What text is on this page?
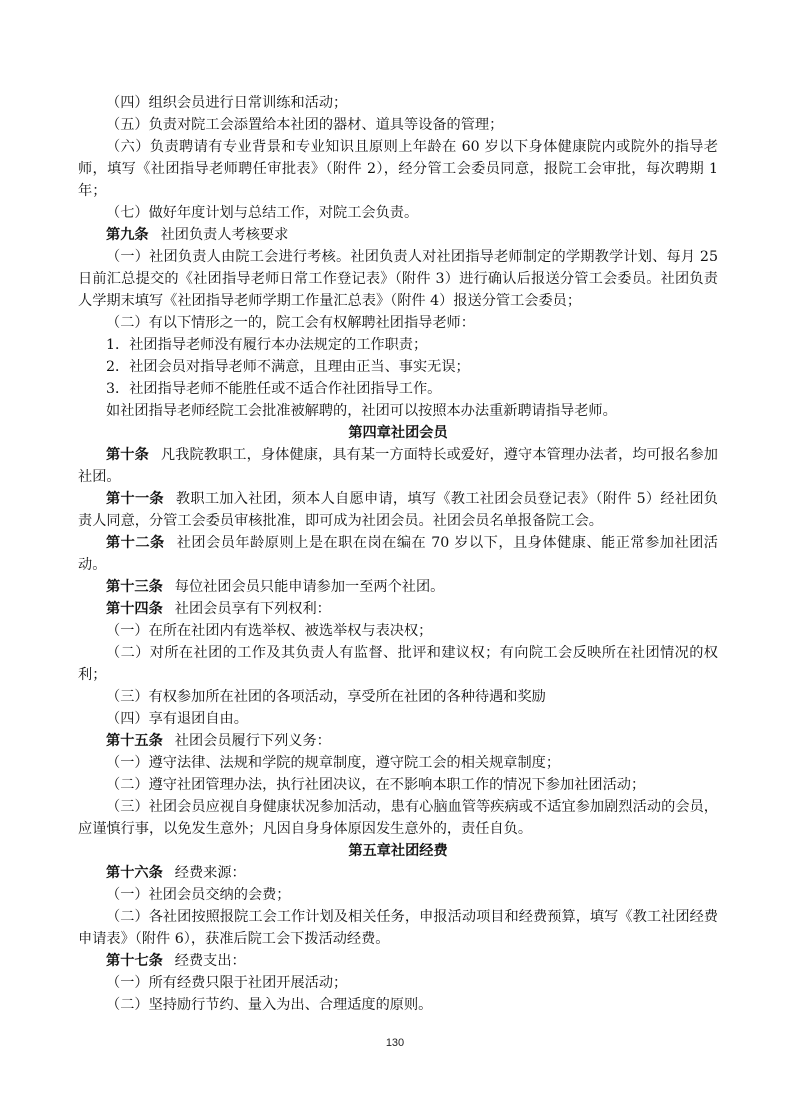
（四）组织会员进行日常训练和活动；

（五）负责对院工会添置给本社团的器材、道具等设备的管理；

（六）负责聘请有专业背景和专业知识且原则上年龄在 60 岁以下身体健康院内或院外的指导老师，填写《社团指导老师聘任审批表》（附件 2），经分管工会委员同意，报院工会审批，每次聘期 1 年；

（七）做好年度计划与总结工作，对院工会负责。

第九条 社团负责人考核要求

（一）社团负责人由院工会进行考核。社团负责人对社团指导老师制定的学期教学计划、每月 25 日前汇总提交的《社团指导老师日常工作登记表》（附件 3）进行确认后报送分管工会委员。社团负责人学期末填写《社团指导老师学期工作量汇总表》（附件 4）报送分管工会委员；

（二）有以下情形之一的，院工会有权解聘社团指导老师：

1．社团指导老师没有履行本办法规定的工作职责；

2．社团会员对指导老师不满意，且理由正当、事实无误；

3．社团指导老师不能胜任或不适合作社团指导工作。

如社团指导老师经院工会批准被解聘的，社团可以按照本办法重新聘请指导老师。

第四章社团会员

第十条 凡我院教职工，身体健康，具有某一方面特长或爱好，遵守本管理办法者，均可报名参加社团。

第十一条 教职工加入社团，须本人自愿申请，填写《教工社团会员登记表》（附件 5）经社团负责人同意，分管工会委员审核批准，即可成为社团会员。社团会员名单报备院工会。

第十二条 社团会员年龄原则上是在职在岗在编在 70 岁以下，且身体健康、能正常参加社团活动。

第十三条 每位社团会员只能申请参加一至两个社团。

第十四条 社团会员享有下列权利：

（一）在所在社团内有选举权、被选举权与表决权；

（二）对所在社团的工作及其负责人有监督、批评和建议权；有向院工会反映所在社团情况的权利；

（三）有权参加所在社团的各项活动，享受所在社团的各种待遇和奖励

（四）享有退团自由。

第十五条 社团会员履行下列义务：

（一）遵守法律、法规和学院的规章制度，遵守院工会的相关规章制度；

（二）遵守社团管理办法，执行社团决议，在不影响本职工作的情况下参加社团活动；

（三）社团会员应视自身健康状况参加活动，患有心脑血管等疾病或不适宜参加剧烈活动的会员，应谨慎行事，以免发生意外；凡因自身身体原因发生意外的，责任自负。

第五章社团经费

第十六条 经费来源：

（一）社团会员交纳的会费；

（二）各社团按照报院工会工作计划及相关任务，申报活动项目和经费预算，填写《教工社团经费申请表》（附件 6），获准后院工会下拨活动经费。

第十七条 经费支出：

（一）所有经费只限于社团开展活动；

（二）坚持励行节约、量入为出、合理适度的原则。

130
